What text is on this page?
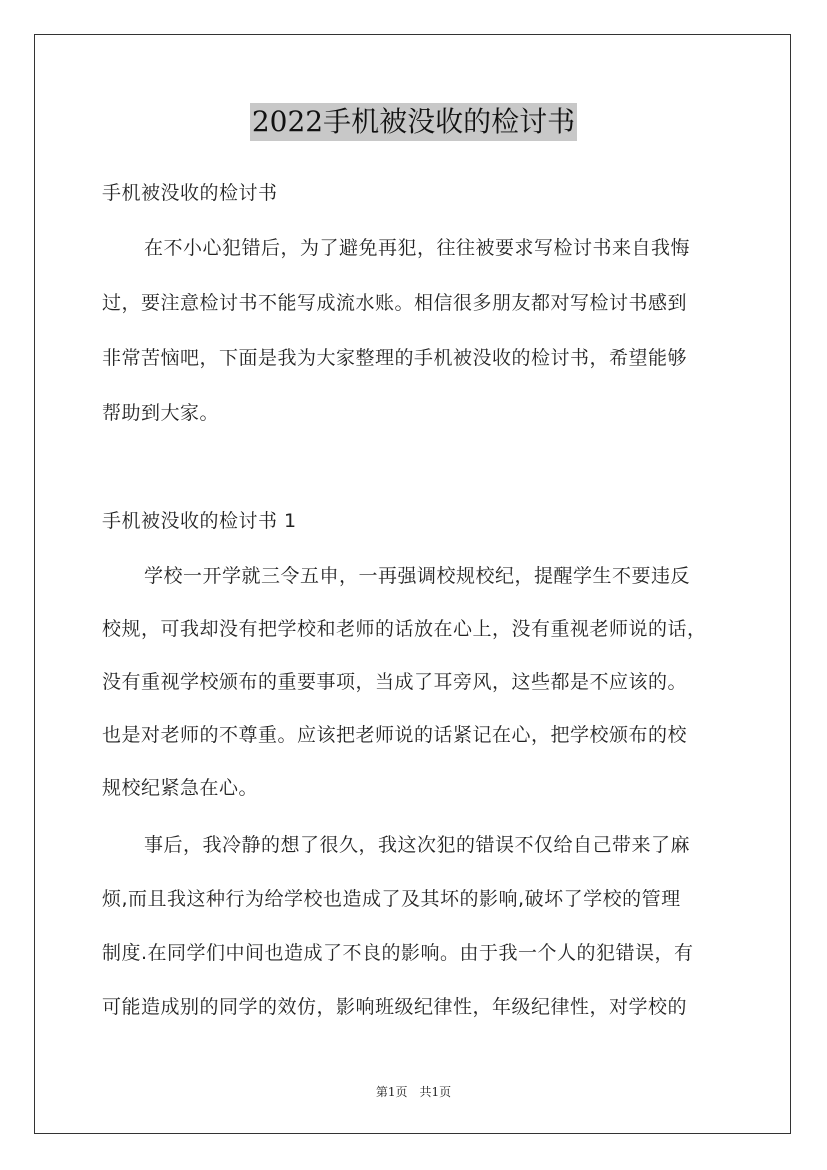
2022手机被没收的检讨书
手机被没收的检讨书
在不小心犯错后，为了避免再犯，往往被要求写检讨书来自我悔
过，要注意检讨书不能写成流水账。相信很多朋友都对写检讨书感到
非常苦恼吧，下面是我为大家整理的手机被没收的检讨书，希望能够
帮助到大家。
手机被没收的检讨书 1
学校一开学就三令五申，一再强调校规校纪，提醒学生不要违反
校规，可我却没有把学校和老师的话放在心上，没有重视老师说的话，
没有重视学校颁布的重要事项，当成了耳旁风，这些都是不应该的。
也是对老师的不尊重。应该把老师说的话紧记在心，把学校颁布的校
规校纪紧急在心。
事后，我冷静的想了很久，我这次犯的错误不仅给自己带来了麻
烦,而且我这种行为给学校也造成了及其坏的影响,破坏了学校的管理
制度.在同学们中间也造成了不良的影响。由于我一个人的犯错误，有
可能造成别的同学的效仿，影响班级纪律性，年级纪律性，对学校的
第1页 共1页
